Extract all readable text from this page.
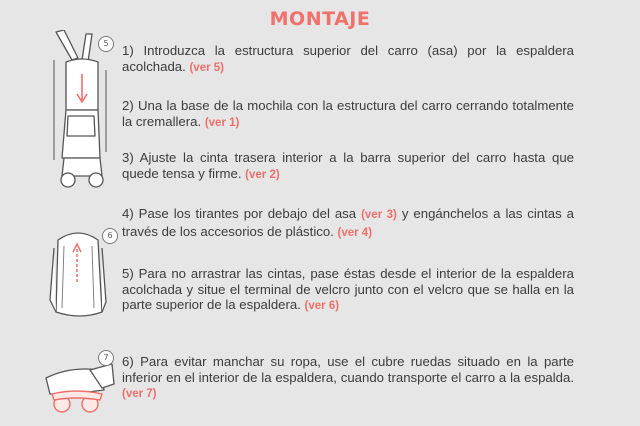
MONTAJE
5
6
7
1) Introduzca la estructura superior del carro (asa) por la espaldera acolchada. (ver 5)
2) Una la base de la mochila con la estructura del carro cerrando totalmente la cremallera. (ver 1)
3) Ajuste la cinta trasera interior a la barra superior del carro hasta que quede tensa y firme. (ver 2)
4) Pase los tirantes por debajo del asa (ver 3) y engánchelos a las cintas a través de los accesorios de plástico. (ver 4)
5) Para no arrastrar las cintas, pase éstas desde el interior de la espaldera acolchada y situe el terminal de velcro junto con el velcro que se halla en la parte superior de la espaldera. (ver 6)
6) Para evitar manchar su ropa, use el cubre ruedas situado en la parte inferior en el interior de la espaldera, cuando transporte el carro a la espalda. (ver 7)
